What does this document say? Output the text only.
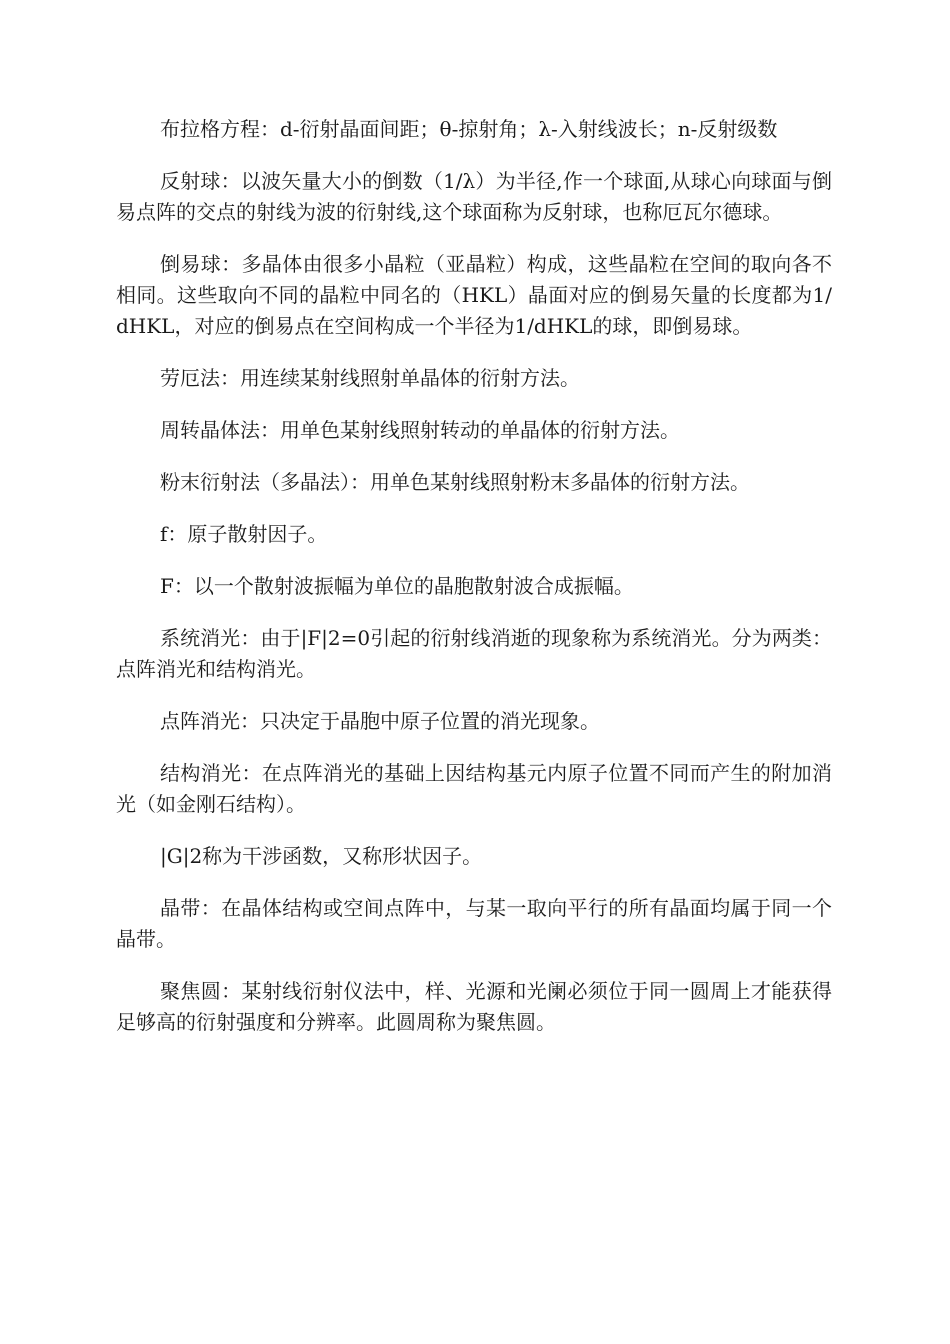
布拉格方程：d-衍射晶面间距；θ-掠射角；λ-入射线波长；n-反射级数

反射球：以波矢量大小的倒数（1/λ）为半径,作一个球面,从球心向球面与倒易点阵的交点的射线为波的衍射线,这个球面称为反射球，也称厄瓦尔德球。

倒易球：多晶体由很多小晶粒（亚晶粒）构成，这些晶粒在空间的取向各不相同。这些取向不同的晶粒中同名的（HKL）晶面对应的倒易矢量的长度都为1/dHKL，对应的倒易点在空间构成一个半径为1/dHKL的球，即倒易球。

劳厄法：用连续某射线照射单晶体的衍射方法。

周转晶体法：用单色某射线照射转动的单晶体的衍射方法。

粉末衍射法（多晶法）：用单色某射线照射粉末多晶体的衍射方法。

f：原子散射因子。

F：以一个散射波振幅为单位的晶胞散射波合成振幅。

系统消光：由于|F|2=0引起的衍射线消逝的现象称为系统消光。分为两类：点阵消光和结构消光。

点阵消光：只决定于晶胞中原子位置的消光现象。

结构消光：在点阵消光的基础上因结构基元内原子位置不同而产生的附加消光（如金刚石结构）。

|G|2称为干涉函数，又称形状因子。

晶带：在晶体结构或空间点阵中，与某一取向平行的所有晶面均属于同一个晶带。

聚焦圆：某射线衍射仪法中，样、光源和光阑必须位于同一圆周上才能获得足够高的衍射强度和分辨率。此圆周称为聚焦圆。
